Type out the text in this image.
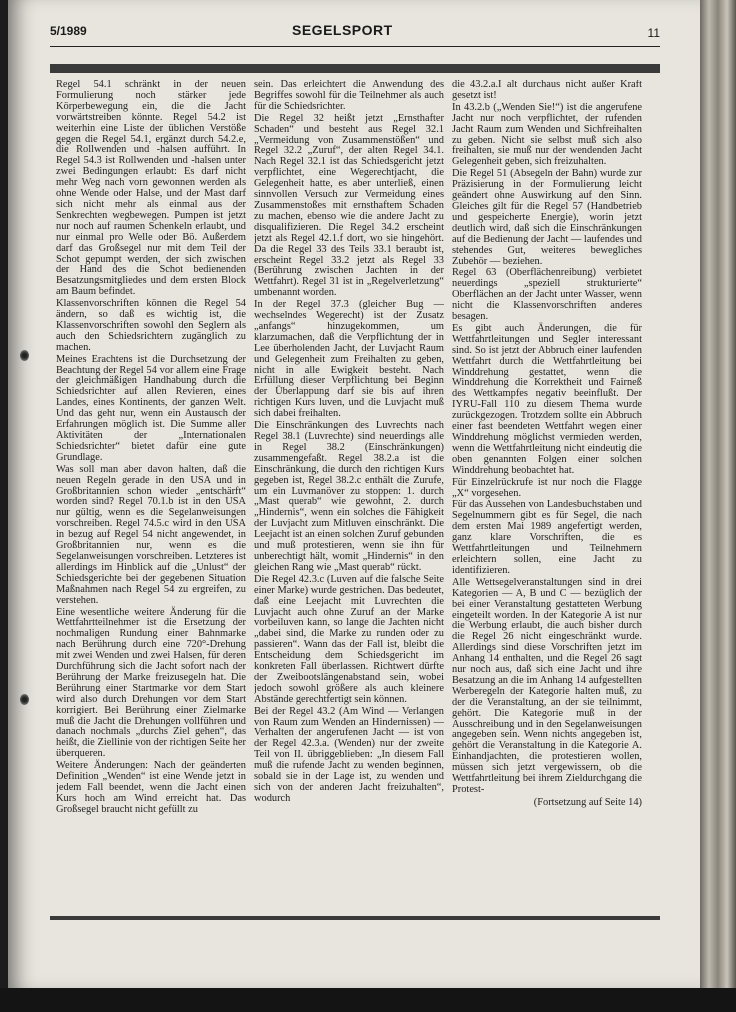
5/1989	SEGELSPORT	11

Regel 54.1 schränkt in der neuen Formulierung noch stärker jede Körperbewegung ein, die die Jacht vorwärtstreiben könnte. Regel 54.2 ist weiterhin eine Liste der üblichen Verstöße gegen die Regel 54.1, ergänzt durch 54.2.e, die Rollwenden und -halsen aufführt. In Regel 54.3 ist Rollwenden und -halsen unter zwei Bedingungen erlaubt: Es darf nicht mehr Weg nach vorn gewonnen werden als ohne Wende oder Halse, und der Mast darf sich nicht mehr als einmal aus der Senkrechten wegbewegen. Pumpen ist jetzt nur noch auf raumen Schenkeln erlaubt, und nur einmal pro Welle oder Bö. Außerdem darf das Großsegel nur mit dem Teil der Schot gepumpt werden, der sich zwischen der Hand des die Schot bedienenden Besatzungsmitgliedes und dem ersten Block am Baum befindet.

Klassenvorschriften können die Regel 54 ändern, so daß es wichtig ist, die Klassenvorschriften sowohl den Seglern als auch den Schiedsrichtern zugänglich zu machen.

Meines Erachtens ist die Durchsetzung der Beachtung der Regel 54 vor allem eine Frage der gleichmäßigen Handhabung durch die Schiedsrichter auf allen Revieren, eines Landes, eines Kontinents, der ganzen Welt. Und das geht nur, wenn ein Austausch der Erfahrungen möglich ist. Die Summe aller Aktivitäten der „Internationalen Schiedsrichter“ bietet dafür eine gute Grundlage.

Was soll man aber davon halten, daß die neuen Regeln gerade in den USA und in Großbritannien schon wieder „entschärft“ worden sind? Regel 70.1.b ist in den USA nur gültig, wenn es die Segelanweisungen vorschreiben. Regel 74.5.c wird in den USA in bezug auf Regel 54 nicht angewendet, in Großbritannien nur, wenn es die Segelanweisungen vorschreiben. Letzteres ist allerdings im Hinblick auf die „Unlust“ der Schiedsgerichte bei der gegebenen Situation Maßnahmen nach Regel 54 zu ergreifen, zu verstehen.

Eine wesentliche weitere Änderung für die Wettfahrtteilnehmer ist die Ersetzung der nochmaligen Rundung einer Bahnmarke nach Berührung durch eine 720°-Drehung mit zwei Wenden und zwei Halsen, für deren Durchführung sich die Jacht sofort nach der Berührung der Marke freizusegeln hat. Die Berührung einer Startmarke vor dem Start wird also durch Drehungen vor dem Start korrigiert. Bei Berührung einer Zielmarke muß die Jacht die Drehungen vollführen und danach nochmals „durchs Ziel gehen“, das heißt, die Ziellinie von der richtigen Seite her überqueren.

Weitere Änderungen: Nach der geänderten Definition „Wenden“ ist eine Wende jetzt in jedem Fall beendet, wenn die Jacht einen Kurs hoch am Wind erreicht hat. Das Großsegel braucht nicht gefüllt zu

sein. Das erleichtert die Anwendung des Begriffes sowohl für die Teilnehmer als auch für die Schiedsrichter.

Die Regel 32 heißt jetzt „Ernsthafter Schaden“ und besteht aus Regel 32.1 „Vermeidung von Zusammenstößen“ und Regel 32.2 „Zuruf“, der alten Regel 34.1. Nach Regel 32.1 ist das Schiedsgericht jetzt verpflichtet, eine Wegerechtjacht, die Gelegenheit hatte, es aber unterließ, einen sinnvollen Versuch zur Vermeidung eines Zusammenstoßes mit ernsthaftem Schaden zu machen, ebenso wie die andere Jacht zu disqualifizieren. Die Regel 34.2 erscheint jetzt als Regel 42.1.f dort, wo sie hingehört. Da die Regel 33 des Teils 33.1 beraubt ist, erscheint Regel 33.2 jetzt als Regel 33 (Berührung zwischen Jachten in der Wettfahrt). Regel 31 ist in „Regelverletzung“ umbenannt worden.

In der Regel 37.3 (gleicher Bug — wechselndes Wegerecht) ist der Zusatz „anfangs“ hinzugekommen, um klarzumachen, daß die Verpflichtung der in Lee überholenden Jacht, der Luvjacht Raum und Gelegenheit zum Freihalten zu geben, nicht in alle Ewigkeit besteht. Nach Erfüllung dieser Verpflichtung bei Beginn der Überlappung darf sie bis auf ihren richtigen Kurs luven, und die Luvjacht muß sich dabei freihalten.

Die Einschränkungen des Luvrechts nach Regel 38.1 (Luvrechte) sind neuerdings alle in Regel 38.2 (Einschränkungen) zusammengefaßt. Regel 38.2.a ist die Einschränkung, die durch den richtigen Kurs gegeben ist, Regel 38.2.c enthält die Zurufe, um ein Luvmanöver zu stoppen: 1. durch „Mast querab“ wie gewohnt, 2. durch „Hindernis“, wenn ein solches die Fähigkeit der Luvjacht zum Mitluven einschränkt. Die Leejacht ist an einen solchen Zuruf gebunden und muß protestieren, wenn sie ihn für unberechtigt hält, womit „Hindernis“ in den gleichen Rang wie „Mast querab“ rückt.

Die Regel 42.3.c (Luven auf die falsche Seite einer Marke) wurde gestrichen. Das bedeutet, daß eine Leejacht mit Luvrechten die Luvjacht auch ohne Zuruf an der Marke vorbeiluven kann, so lange die Jachten nicht „dabei sind, die Marke zu runden oder zu passieren“. Wann das der Fall ist, bleibt die Entscheidung dem Schiedsgericht im konkreten Fall überlassen. Richtwert dürfte der Zweibootslängenabstand sein, wobei jedoch sowohl größere als auch kleinere Abstände gerechtfertigt sein können.

Bei der Regel 43.2 (Am Wind — Verlangen von Raum zum Wenden an Hindernissen) — Verhalten der angerufenen Jacht — ist von der Regel 42.3.a. (Wenden) nur der zweite Teil von II. übriggeblieben: „In diesem Fall muß die rufende Jacht zu wenden beginnen, sobald sie in der Lage ist, zu wenden und sich von der anderen Jacht freizuhalten“, wodurch

die 43.2.a.I alt durchaus nicht außer Kraft gesetzt ist!

In 43.2.b („Wenden Sie!“) ist die angerufene Jacht nur noch verpflichtet, der rufenden Jacht Raum zum Wenden und Sichfreihalten zu geben. Nicht sie selbst muß sich also freihalten, sie muß nur der wendenden Jacht Gelegenheit geben, sich freizuhalten.

Die Regel 51 (Absegeln der Bahn) wurde zur Präzisierung in der Formulierung leicht geändert ohne Auswirkung auf den Sinn. Gleiches gilt für die Regel 57 (Handbetrieb und gespeicherte Energie), worin jetzt deutlich wird, daß sich die Einschränkungen auf die Bedienung der Jacht — laufendes und stehendes Gut, weiteres bewegliches Zubehör — beziehen.

Regel 63 (Oberflächenreibung) verbietet neuerdings „speziell strukturierte“ Oberflächen an der Jacht unter Wasser, wenn nicht die Klassenvorschriften anderes besagen.

Es gibt auch Änderungen, die für Wettfahrtleitungen und Segler interessant sind. So ist jetzt der Abbruch einer laufenden Wettfahrt durch die Wettfahrtleitung bei Winddrehung gestattet, wenn die Winddrehung die Korrektheit und Fairneß des Wettkampfes negativ beeinflußt. Der IYRU-Fall 110 zu diesem Thema wurde zurückgezogen. Trotzdem sollte ein Abbruch einer fast beendeten Wettfahrt wegen einer Winddrehung möglichst vermieden werden, wenn die Wettfahrtleitung nicht eindeutig die oben genannten Folgen einer solchen Winddrehung beobachtet hat.

Für Einzelrückrufe ist nur noch die Flagge „X“ vorgesehen.

Für das Aussehen von Landesbuchstaben und Segelnummern gibt es für Segel, die nach dem ersten Mai 1989 angefertigt werden, ganz klare Vorschriften, die es Wettfahrtleitungen und Teilnehmern erleichtern sollen, eine Jacht zu identifizieren.

Alle Wettsegelveranstaltungen sind in drei Kategorien — A, B und C — bezüglich der bei einer Veranstaltung gestatteten Werbung eingeteilt worden. In der Kategorie A ist nur die Werbung erlaubt, die auch bisher durch die Regel 26 nicht eingeschränkt wurde. Allerdings sind diese Vorschriften jetzt im Anhang 14 enthalten, und die Regel 26 sagt nur noch aus, daß sich eine Jacht und ihre Besatzung an die im Anhang 14 aufgestellten Werberegeln der Kategorie halten muß, zu der die Veranstaltung, an der sie teilnimmt, gehört. Die Kategorie muß in der Ausschreibung und in den Segelanweisungen angegeben sein. Wenn nichts angegeben ist, gehört die Veranstaltung in die Kategorie A. Einhandjachten, die protestieren wollen, müssen sich jetzt vergewissern, ob die Wettfahrtleitung bei ihrem Zieldurchgang die Protest-

(Fortsetzung auf Seite 14)
